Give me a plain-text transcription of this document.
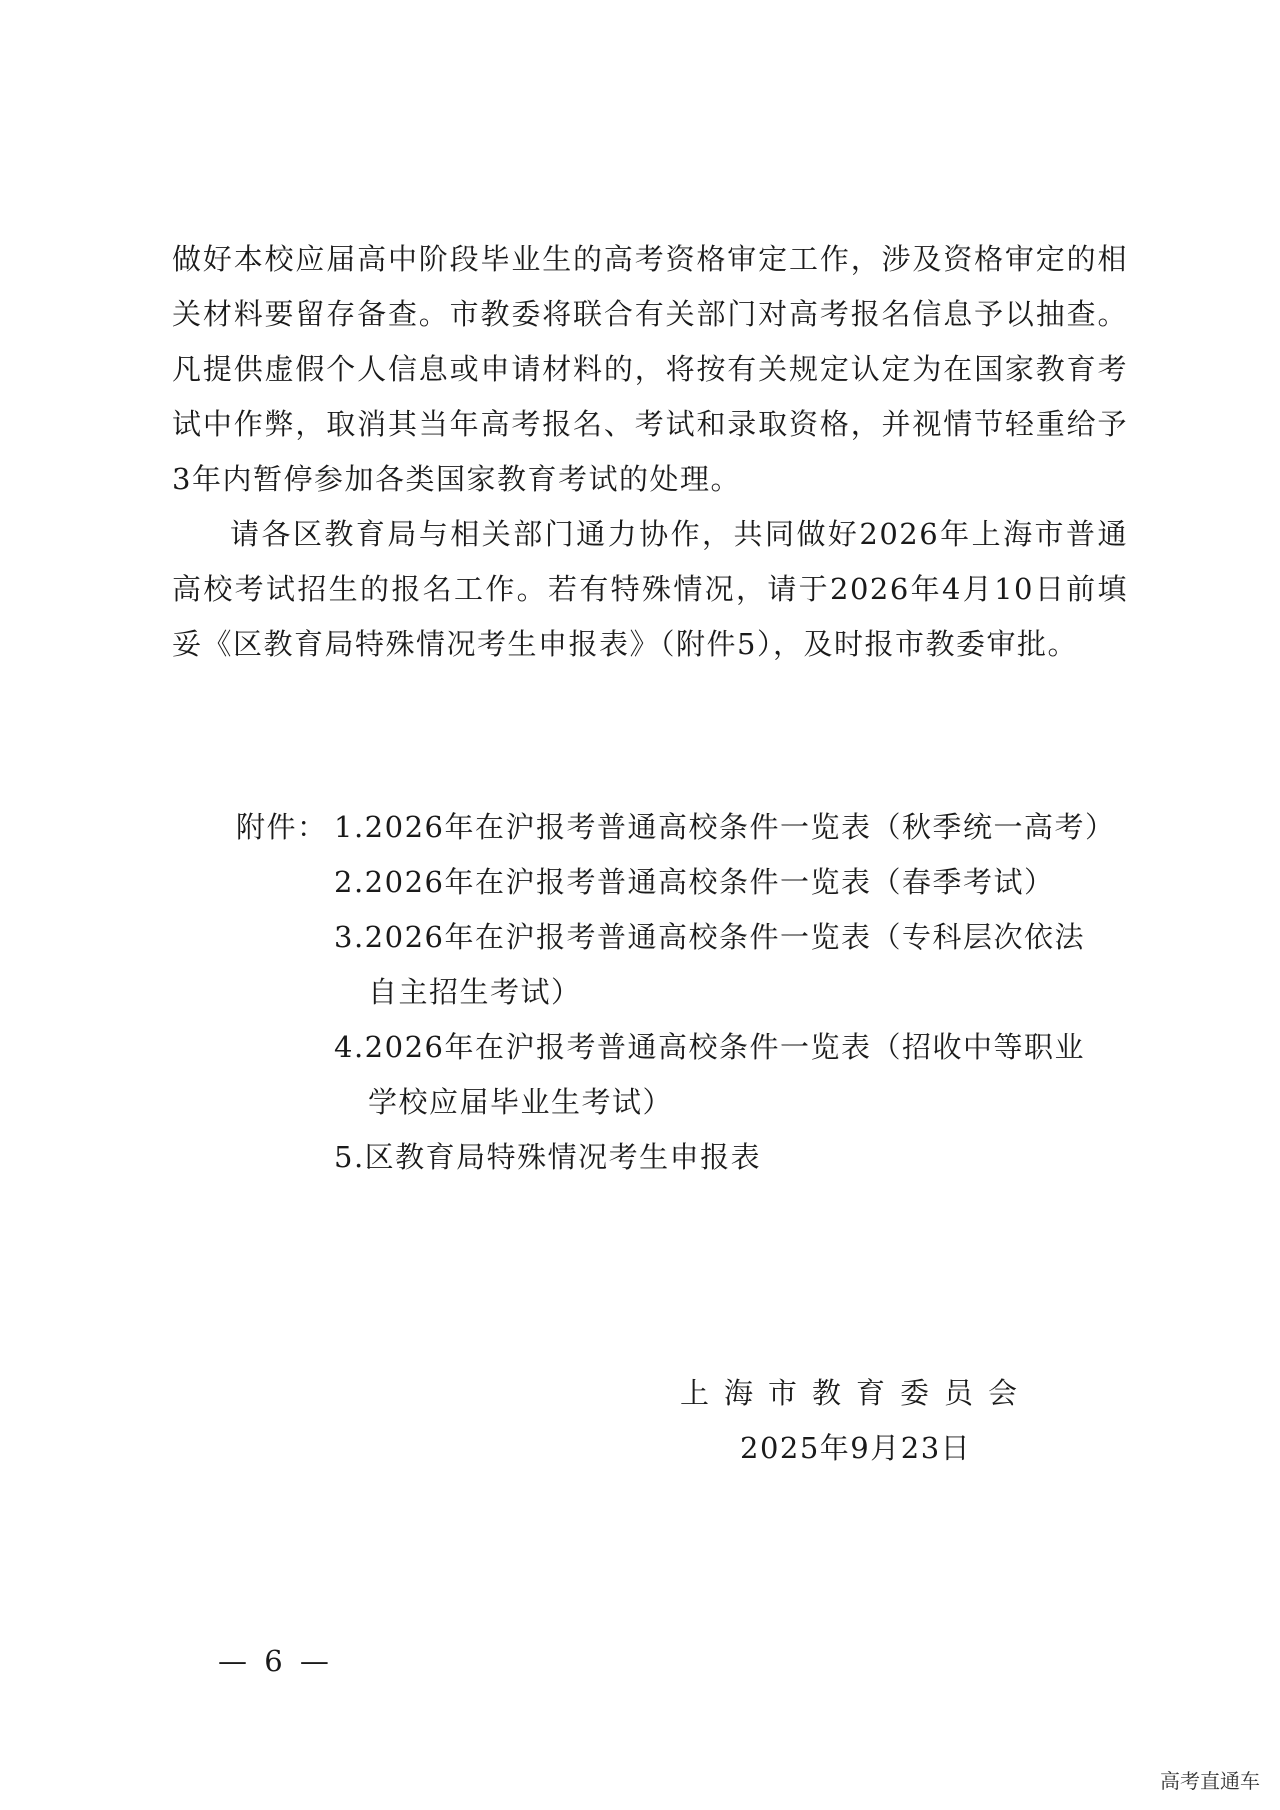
做好本校应届高中阶段毕业生的高考资格审定工作，涉及资格审定的相关材料要留存备查。市教委将联合有关部门对高考报名信息予以抽查。凡提供虚假个人信息或申请材料的，将按有关规定认定为在国家教育考试中作弊，取消其当年高考报名、考试和录取资格，并视情节轻重给予3年内暂停参加各类国家教育考试的处理。

请各区教育局与相关部门通力协作，共同做好2026年上海市普通高校考试招生的报名工作。若有特殊情况，请于2026年4月10日前填妥《区教育局特殊情况考生申报表》（附件5），及时报市教委审批。

附件： 1.2026年在沪报考普通高校条件一览表（秋季统一高考）
2.2026年在沪报考普通高校条件一览表（春季考试）
3.2026年在沪报考普通高校条件一览表（专科层次依法
自主招生考试）
4.2026年在沪报考普通高校条件一览表（招收中等职业
学校应届毕业生考试）
5.区教育局特殊情况考生申报表
上海市教育委员会
2025年9月23日
— 6 —
高考直通车
